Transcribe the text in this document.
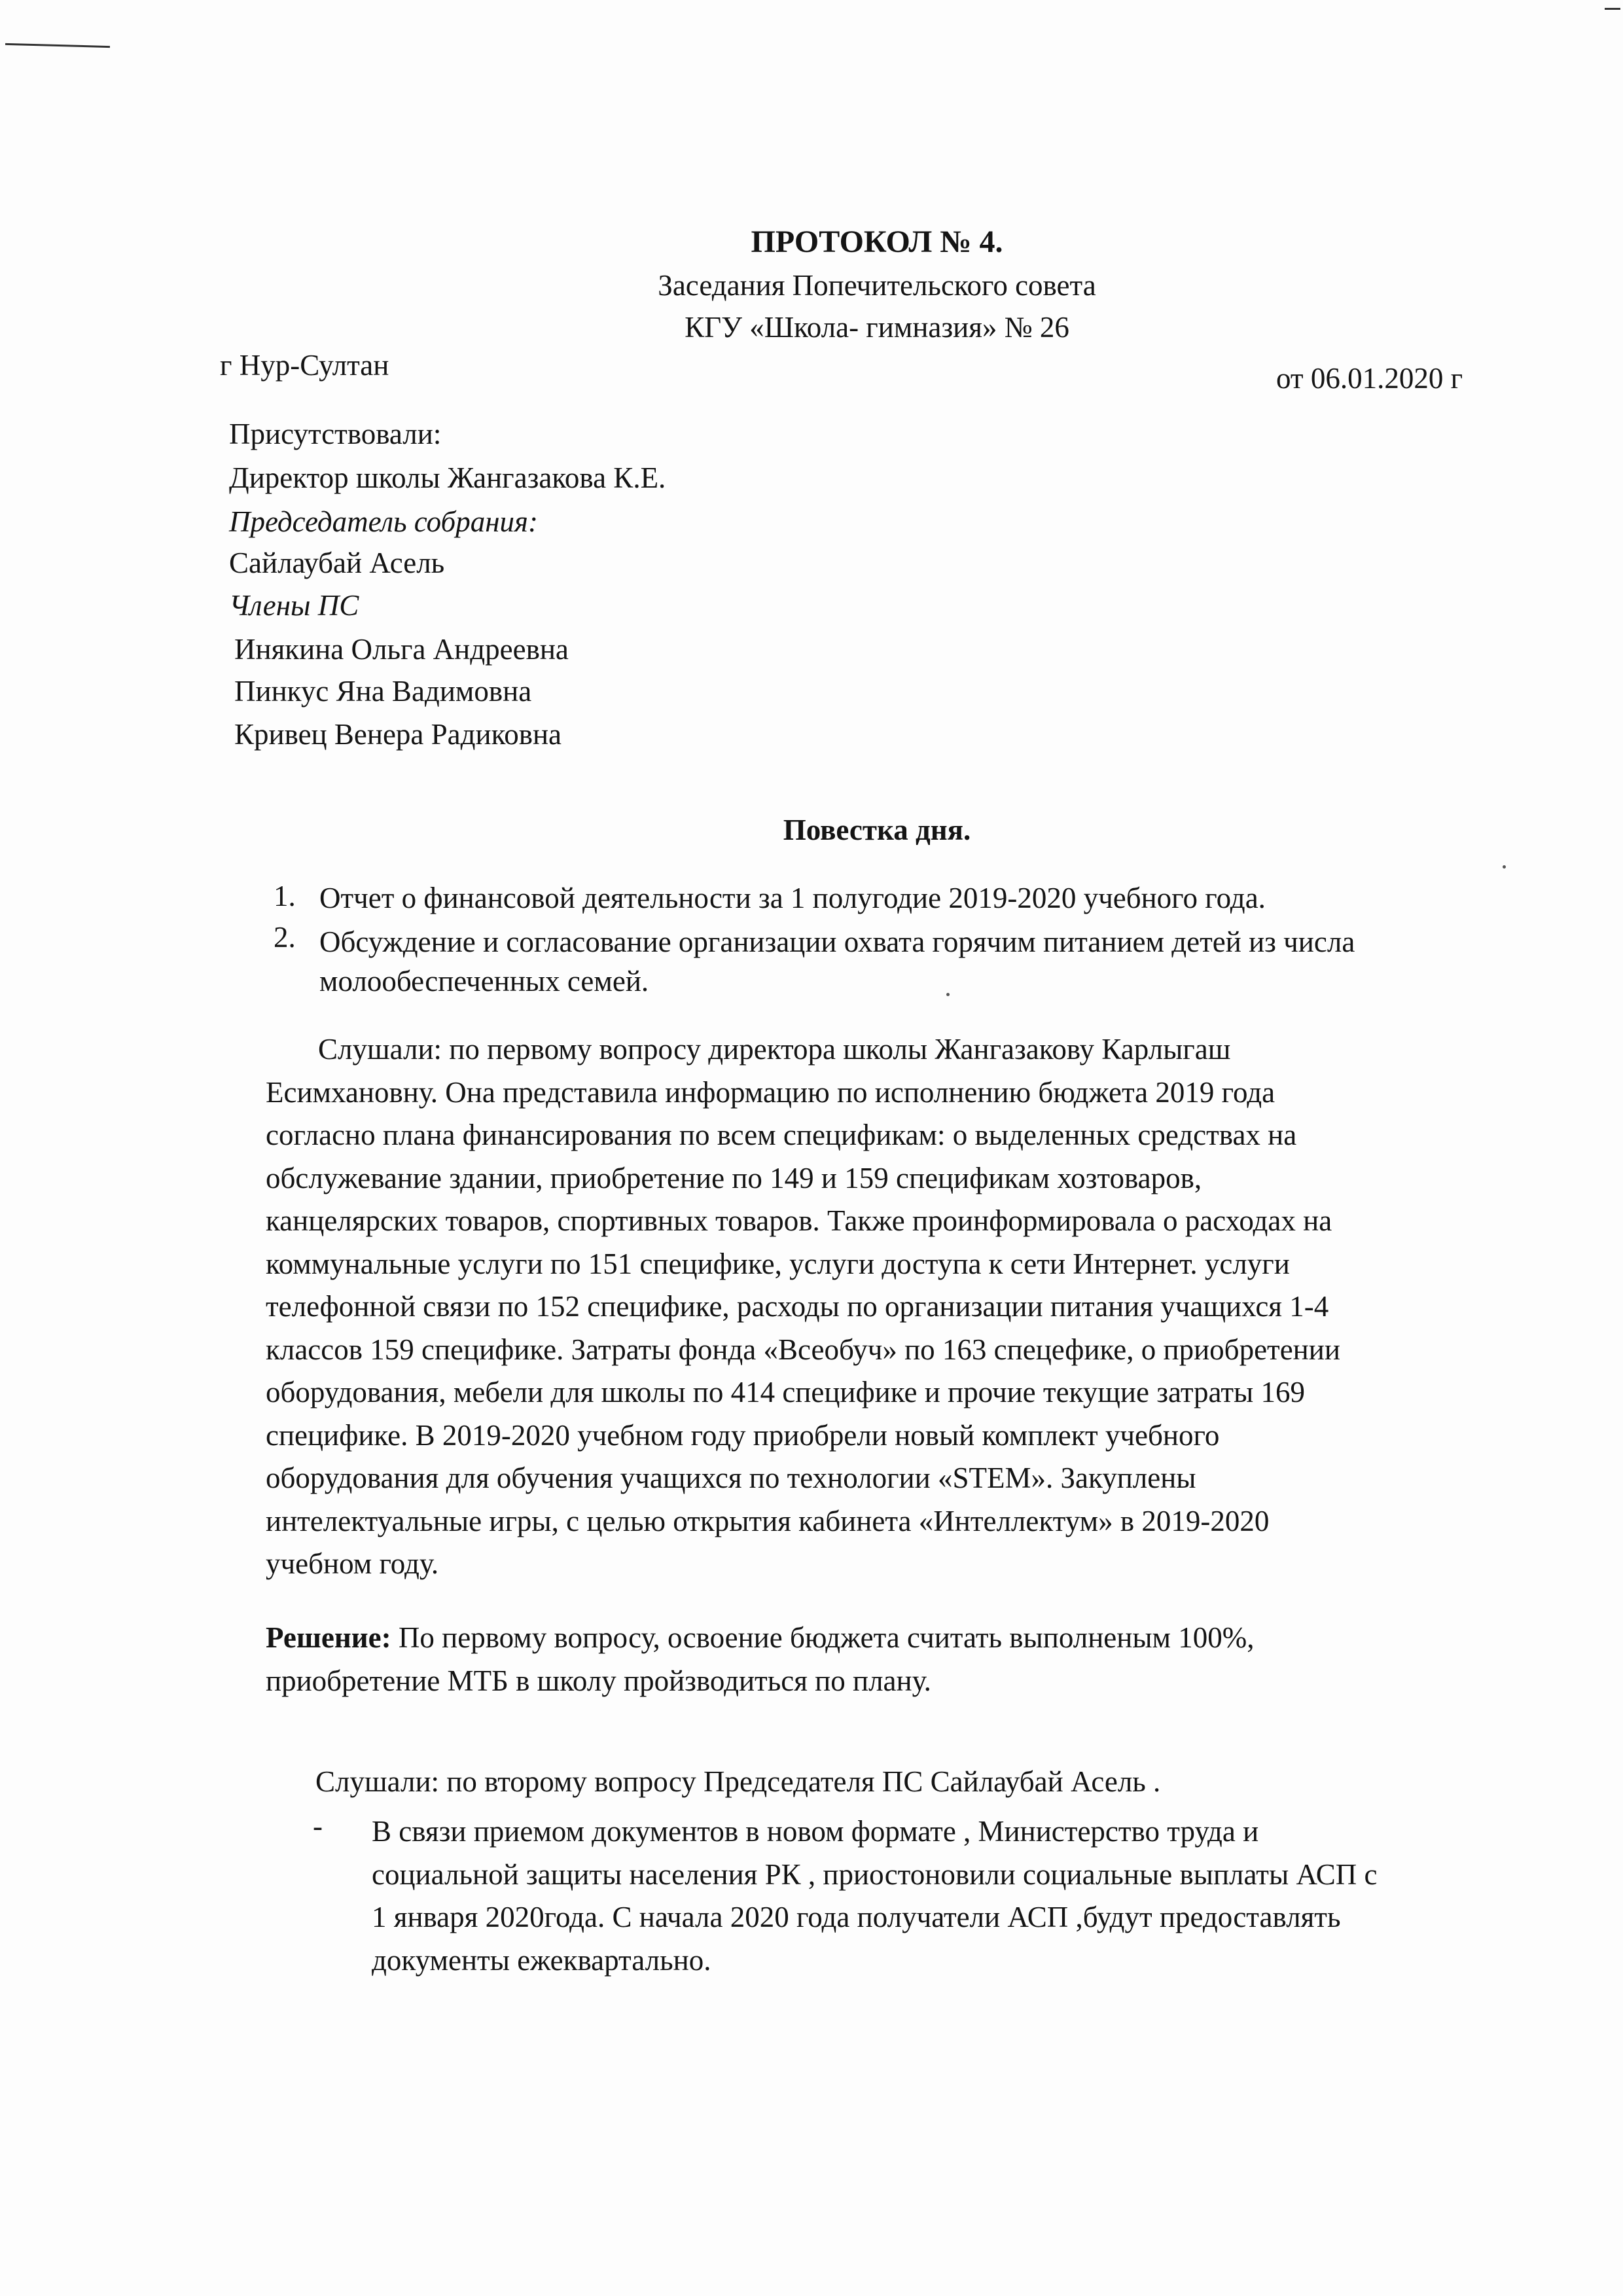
ПРОТОКОЛ № 4.
Заседания Попечительского совета
КГУ «Школа- гимназия» № 26
г Нур-Султан	от 06.01.2020 г
Присутствовали:
Директор школы Жангазакова К.Е.
Председатель собрания:
Сайлаубай Асель
Члены ПС
Инякина Ольга Андреевна
Пинкус Яна Вадимовна
Кривец Венера Радиковна
Повестка дня.
1. Отчет о финансовой деятельности за 1 полугодие 2019-2020 учебного года.
2. Обсуждение и согласование организации охвата горячим питанием детей из числа
молообеспеченных семей.
Слушали: по первому вопросу директора школы Жангазакову Карлыгаш
Есимхановну. Она представила информацию по исполнению бюджета 2019 года
согласно плана финансирования по всем спецификам: о выделенных средствах на
обслужевание здании, приобретение по 149 и 159 спецификам хозтоваров,
канцелярских товаров, спортивных товаров. Также проинформировала о расходах на
коммунальные услуги по 151 специфике, услуги доступа к сети Интернет. услуги
телефонной связи по 152 специфике, расходы по организации питания учащихся 1-4
классов 159 специфике. Затраты фонда «Всеобуч» по 163 спецефике, о приобретении
оборудования, мебели для школы по 414 специфике и прочие текущие затраты 169
специфике. В 2019-2020 учебном году приобрели новый комплект учебного
оборудования для обучения учащихся по технологии «STEM». Закуплены
интелектуальные игры, с целью открытия кабинета «Интеллектум» в 2019-2020
учебном году.
Решение: По первому вопросу, освоение бюджета считать выполненым 100%,
приобретение МТБ в школу пройзводиться по плану.
Слушали: по второму вопросу Председателя ПС Сайлаубай Асель .
- В связи приемом документов в новом формате , Министерство труда и
социальной защиты населения РК , приостоновили социальные выплаты АСП с
1 января 2020года. С начала 2020 года получатели АСП ,будут предоставлять
документы ежеквартально.
